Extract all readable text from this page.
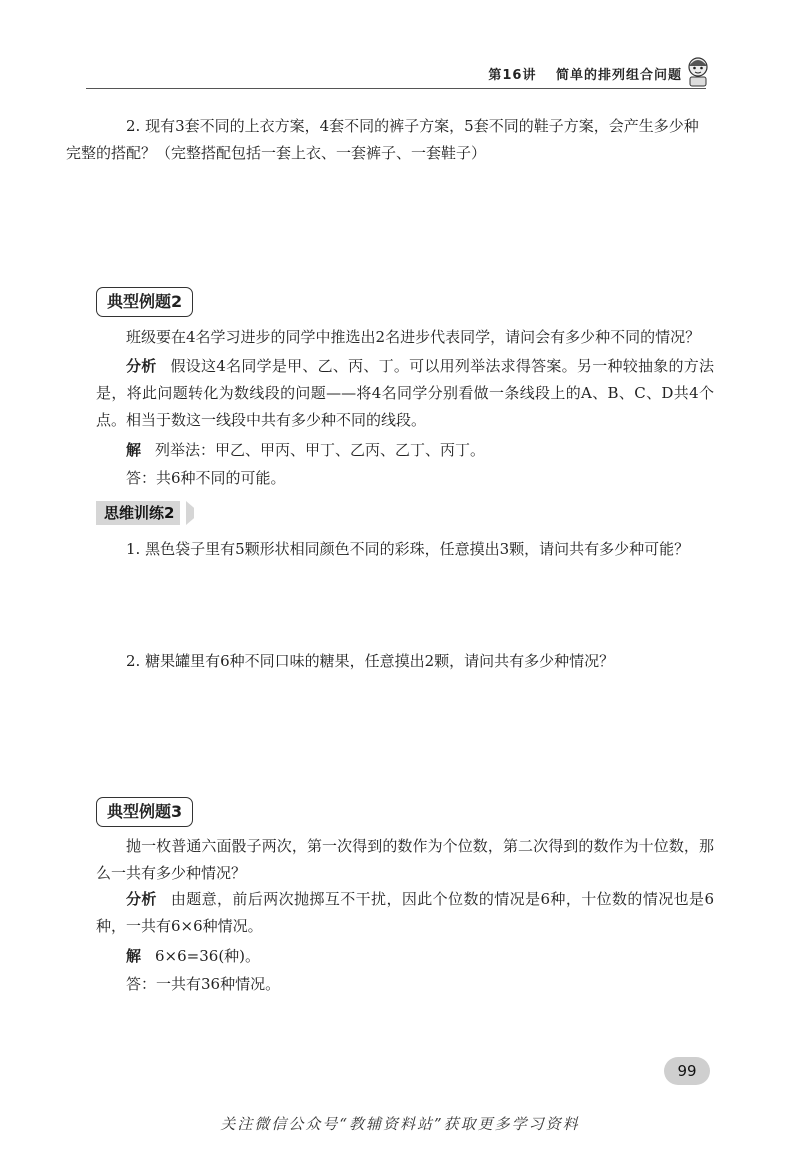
第16讲 简单的排列组合问题
2. 现有3套不同的上衣方案，4套不同的裤子方案，5套不同的鞋子方案，会产生多少种
完整的搭配？（完整搭配包括一套上衣、一套裤子、一套鞋子）
典型例题2
班级要在4名学习进步的同学中推选出2名进步代表同学，请问会有多少种不同的情况？
分析 假设这4名同学是甲、乙、丙、丁。可以用列举法求得答案。另一种较抽象的方法是，将此问题转化为数线段的问题——将4名同学分别看做一条线段上的A、B、C、D共4个点。相当于数这一线段中共有多少种不同的线段。
解 列举法：甲乙、甲丙、甲丁、乙丙、乙丁、丙丁。
答：共6种不同的可能。
思维训练2
1. 黑色袋子里有5颗形状相同颜色不同的彩珠，任意摸出3颗，请问共有多少种可能？
2. 糖果罐里有6种不同口味的糖果，任意摸出2颗，请问共有多少种情况？
典型例题3
抛一枚普通六面骰子两次，第一次得到的数作为个位数，第二次得到的数作为十位数，那么一共有多少种情况？
分析 由题意，前后两次抛掷互不干扰，因此个位数的情况是6种，十位数的情况也是6种，一共有6×6种情况。
解 6×6=36(种)。
答：一共有36种情况。
99
关注微信公众号“教辅资料站”获取更多学习资料
